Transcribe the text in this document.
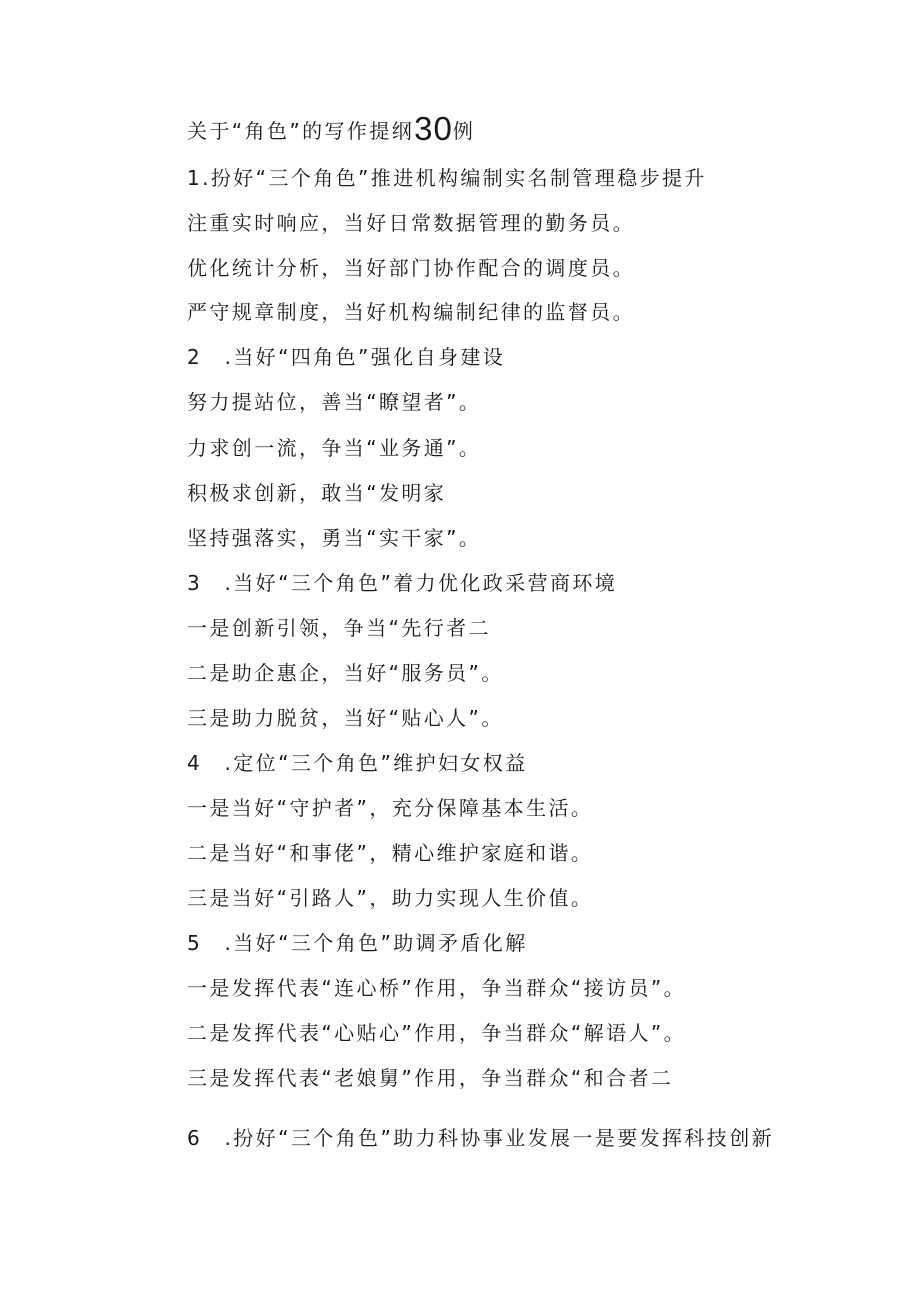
关于“角色”的写作提纲30例
1.扮好“三个角色”推进机构编制实名制管理稳步提升
注重实时响应，当好日常数据管理的勤务员。
优化统计分析，当好部门协作配合的调度员。
严守规章制度，当好机构编制纪律的监督员。
2　.当好“四角色”强化自身建设
努力提站位，善当“瞭望者”。
力求创一流，争当“业务通”。
积极求创新，敢当“发明家
坚持强落实，勇当“实干家”。
3　.当好“三个角色”着力优化政采营商环境
一是创新引领，争当“先行者二
二是助企惠企，当好“服务员”。
三是助力脱贫，当好“贴心人”。
4　.定位“三个角色”维护妇女权益
一是当好“守护者”，充分保障基本生活。
二是当好“和事佬”，精心维护家庭和谐。
三是当好“引路人”，助力实现人生价值。
5　.当好“三个角色”助调矛盾化解
一是发挥代表“连心桥”作用，争当群众“接访员”。
二是发挥代表“心贴心”作用，争当群众“解语人”。
三是发挥代表“老娘舅”作用，争当群众“和合者二
6　.扮好“三个角色”助力科协事业发展一是要发挥科技创新
